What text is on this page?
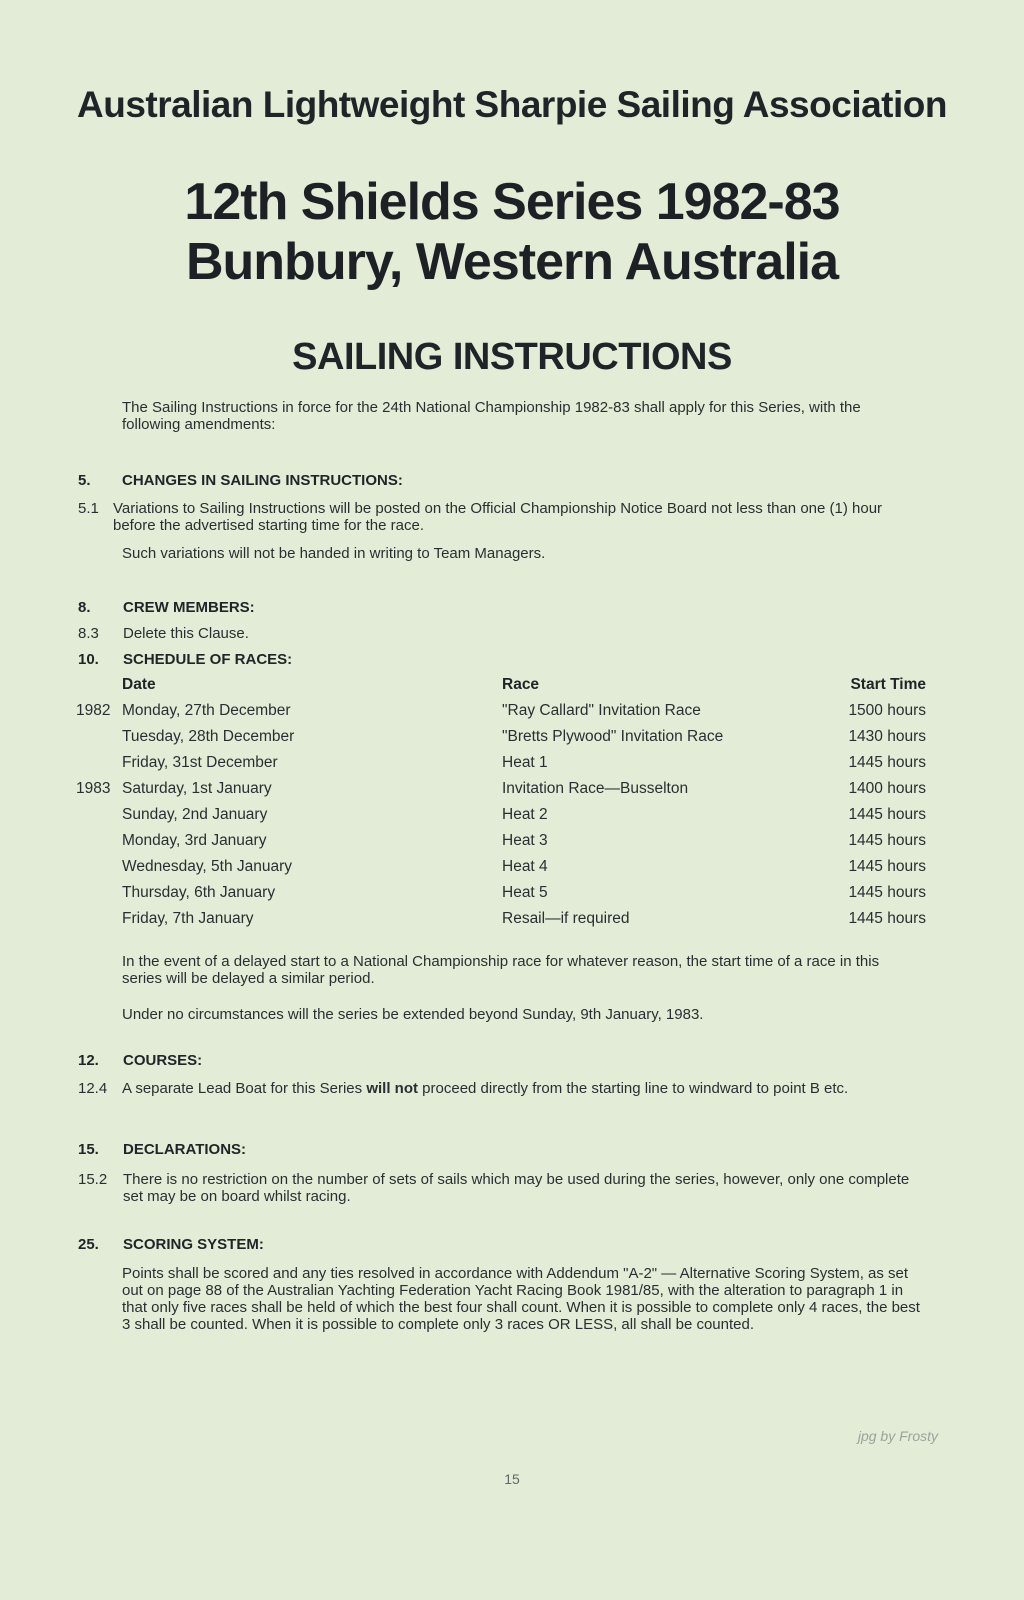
Australian Lightweight Sharpie Sailing Association
12th Shields Series 1982-83
Bunbury, Western Australia
SAILING INSTRUCTIONS
The Sailing Instructions in force for the 24th National Championship 1982-83 shall apply for this Series, with the following amendments:
5. CHANGES IN SAILING INSTRUCTIONS:
5.1 Variations to Sailing Instructions will be posted on the Official Championship Notice Board not less than one (1) hour before the advertised starting time for the race.
Such variations will not be handed in writing to Team Managers.
8. CREW MEMBERS:
8.3 Delete this Clause.
10. SCHEDULE OF RACES:
Date	Race	Start Time
1982 Monday, 27th December	"Ray Callard" Invitation Race	1500 hours
Tuesday, 28th December	"Bretts Plywood" Invitation Race	1430 hours
Friday, 31st December	Heat 1	1445 hours
1983 Saturday, 1st January	Invitation Race—Busselton	1400 hours
Sunday, 2nd January	Heat 2	1445 hours
Monday, 3rd January	Heat 3	1445 hours
Wednesday, 5th January	Heat 4	1445 hours
Thursday, 6th January	Heat 5	1445 hours
Friday, 7th January	Resail—if required	1445 hours
In the event of a delayed start to a National Championship race for whatever reason, the start time of a race in this series will be delayed a similar period.
Under no circumstances will the series be extended beyond Sunday, 9th January, 1983.
12. COURSES:
12.4 A separate Lead Boat for this Series will not proceed directly from the starting line to windward to point B etc.
15. DECLARATIONS:
15.2 There is no restriction on the number of sets of sails which may be used during the series, however, only one complete set may be on board whilst racing.
25. SCORING SYSTEM:
Points shall be scored and any ties resolved in accordance with Addendum "A-2" — Alternative Scoring System, as set out on page 88 of the Australian Yachting Federation Yacht Racing Book 1981/85, with the alteration to paragraph 1 in that only five races shall be held of which the best four shall count. When it is possible to complete only 4 races, the best 3 shall be counted. When it is possible to complete only 3 races OR LESS, all shall be counted.
15
jpg by Frosty
